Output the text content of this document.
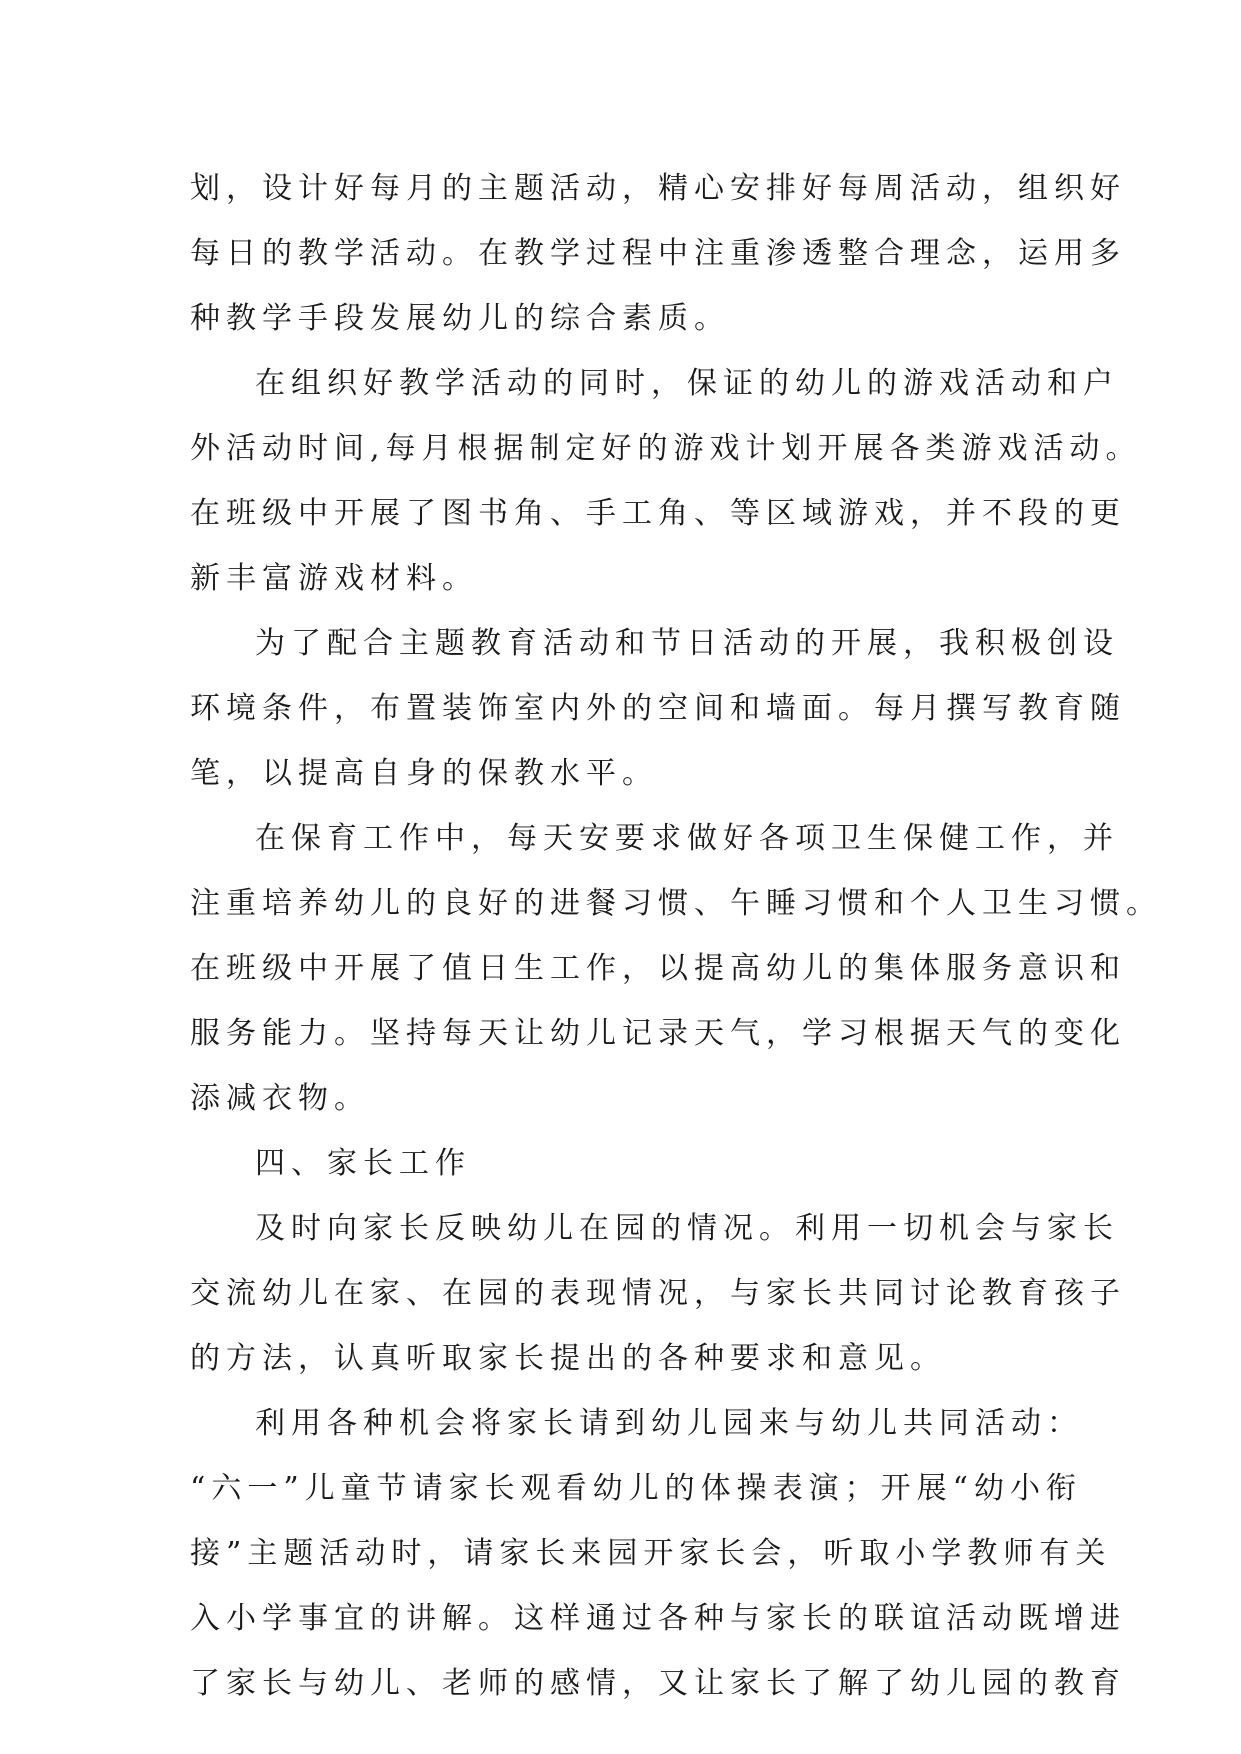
划，设计好每月的主题活动，精心安排好每周活动，组织好
每日的教学活动。在教学过程中注重渗透整合理念，运用多
种教学手段发展幼儿的综合素质。
在组织好教学活动的同时，保证的幼儿的游戏活动和户
外活动时间,每月根据制定好的游戏计划开展各类游戏活动。
在班级中开展了图书角、手工角、等区域游戏，并不段的更
新丰富游戏材料。
为了配合主题教育活动和节日活动的开展，我积极创设
环境条件，布置装饰室内外的空间和墙面。每月撰写教育随
笔，以提高自身的保教水平。
在保育工作中，每天安要求做好各项卫生保健工作，并
注重培养幼儿的良好的进餐习惯、午睡习惯和个人卫生习惯。
在班级中开展了值日生工作，以提高幼儿的集体服务意识和
服务能力。坚持每天让幼儿记录天气，学习根据天气的变化
添减衣物。
四、家长工作
及时向家长反映幼儿在园的情况。利用一切机会与家长
交流幼儿在家、在园的表现情况，与家长共同讨论教育孩子
的方法，认真听取家长提出的各种要求和意见。
利用各种机会将家长请到幼儿园来与幼儿共同活动：
“六一”儿童节请家长观看幼儿的体操表演；开展“幼小衔
接”主题活动时，请家长来园开家长会，听取小学教师有关
入小学事宜的讲解。这样通过各种与家长的联谊活动既增进
了家长与幼儿、老师的感情，又让家长了解了幼儿园的教育
